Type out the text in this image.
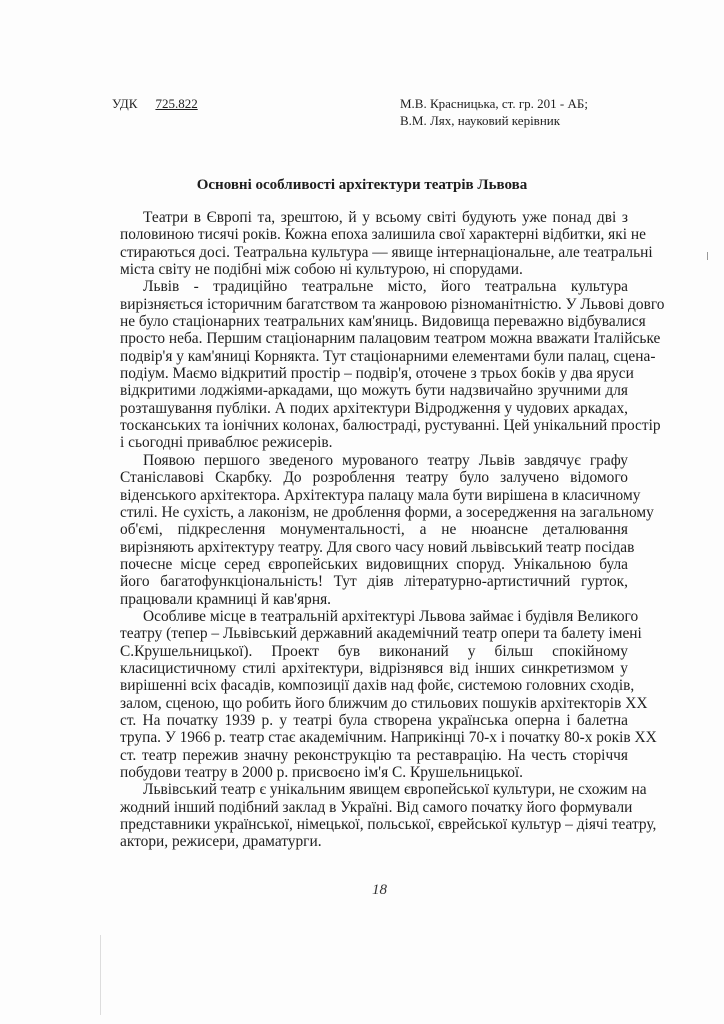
УДК 725.822	М.В. Красницька, ст. гр. 201 - АБ;
В.М. Лях, науковий керівник
Основні особливості архітектури театрів Львова
Театри в Європі та, зрештою, й у всьому світі будують уже понад дві з
половиною тисячі років. Кожна епоха залишила свої характерні відбитки, які не
стираються досі. Театральна культура — явище інтернаціональне, але театральні
міста світу не подібні між собою ні культурою, ні спорудами.
Львів - традиційно театральне місто, його театральна культура
вирізняється історичним багатством та жанровою різноманітністю. У Львові довго
не було стаціонарних театральних кам'яниць. Видовища переважно відбувалися
просто неба. Першим стаціонарним палацовим театром можна вважати Італійське
подвір'я у кам'яниці Корнякта. Тут стаціонарними елементами були палац, сцена-
подіум. Маємо відкритий простір – подвір'я, оточене з трьох боків у два яруси
відкритими лоджіями-аркадами, що можуть бути надзвичайно зручними для
розташування публіки. А подих архітектури Відродження у чудових аркадах,
тосканських та іонічних колонах, балюстраді, рустуванні. Цей унікальний простір
і сьогодні приваблює режисерів.
Появою першого зведеного мурованого театру Львів завдячує графу
Станіславові Скарбку. До розроблення театру було залучено відомого
віденського архітектора. Архітектура палацу мала бути вирішена в класичному
стилі. Не сухість, а лаконізм, не дроблення форми, а зосередження на загальному
об'ємі, підкреслення монументальності, а не нюансне деталювання
вирізняють архітектуру театру. Для свого часу новий львівський театр посідав
почесне місце серед європейських видовищних споруд. Унікальною була
його багатофункціональність! Тут діяв літературно-артистичний гурток,
працювали крамниці й кав'ярня.
Особливе місце в театральній архітектурі Львова займає і будівля Великого
театру (тепер – Львівський державний академічний театр опери та балету імені
С.Крушельницької). Проект був виконаний у більш спокійному
класицистичному стилі архітектури, відрізнявся від інших синкретизмом у
вирішенні всіх фасадів, композиції дахів над фойє, системою головних сходів,
залом, сценою, що робить його ближчим до стильових пошуків архітекторів XX
ст. На початку 1939 р. у театрі була створена українська оперна і балетна
трупа. У 1966 р. театр стає академічним. Наприкінці 70-х і початку 80-х років XX
ст. театр пережив значну реконструкцію та реставрацію. На честь сторіччя
побудови театру в 2000 р. присвоєно ім'я С. Крушельницької.
Львівський театр є унікальним явищем європейської культури, не схожим на
жодний інший подібний заклад в Україні. Від самого початку його формували
представники української, німецької, польської, єврейської культур – діячі театру,
актори, режисери, драматурги.
18
